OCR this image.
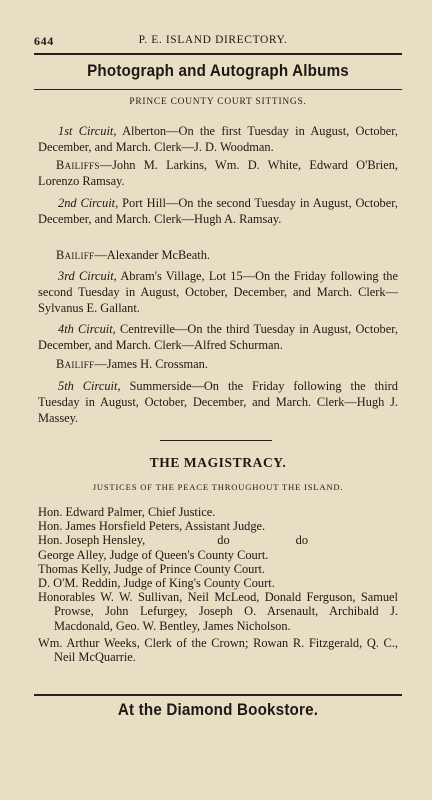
644	P. E. ISLAND DIRECTORY.
Photograph and Autograph Albums
PRINCE COUNTY COURT SITTINGS.
1st Circuit, Alberton—On the first Tuesday in August, October, December, and March. Clerk—J. D. Woodman.
Bailiffs—John M. Larkins, Wm. D. White, Edward O'Brien, Lorenzo Ramsay.
2nd Circuit, Port Hill—On the second Tuesday in August, October, December, and March. Clerk—Hugh A. Ramsay.
Bailiff—Alexander McBeath.
3rd Circuit, Abram's Village, Lot 15—On the Friday following the second Tuesday in August, October, December, and March. Clerk—Sylvanus E. Gallant.
4th Circuit, Centreville—On the third Tuesday in August, October, December, and March. Clerk—Alfred Schurman.
Bailiff—James H. Crossman.
5th Circuit, Summerside—On the Friday following the third Tuesday in August, October, December, and March. Clerk—Hugh J. Massey.
THE MAGISTRACY.
JUSTICES OF THE PEACE THROUGHOUT THE ISLAND.
Hon. Edward Palmer, Chief Justice.
Hon. James Horsfield Peters, Assistant Judge.
Hon. Joseph Hensley,	do	do
George Alley, Judge of Queen's County Court.
Thomas Kelly, Judge of Prince County Court.
D. O'M. Reddin, Judge of King's County Court.
Honorables W. W. Sullivan, Neil McLeod, Donald Ferguson, Samuel Prowse, John Lefurgey, Joseph O. Arsenault, Archibald J. Macdonald, Geo. W. Bentley, James Nicholson.
Wm. Arthur Weeks, Clerk of the Crown; Rowan R. Fitzgerald, Q. C., Neil McQuarrie.
At the Diamond Bookstore.
